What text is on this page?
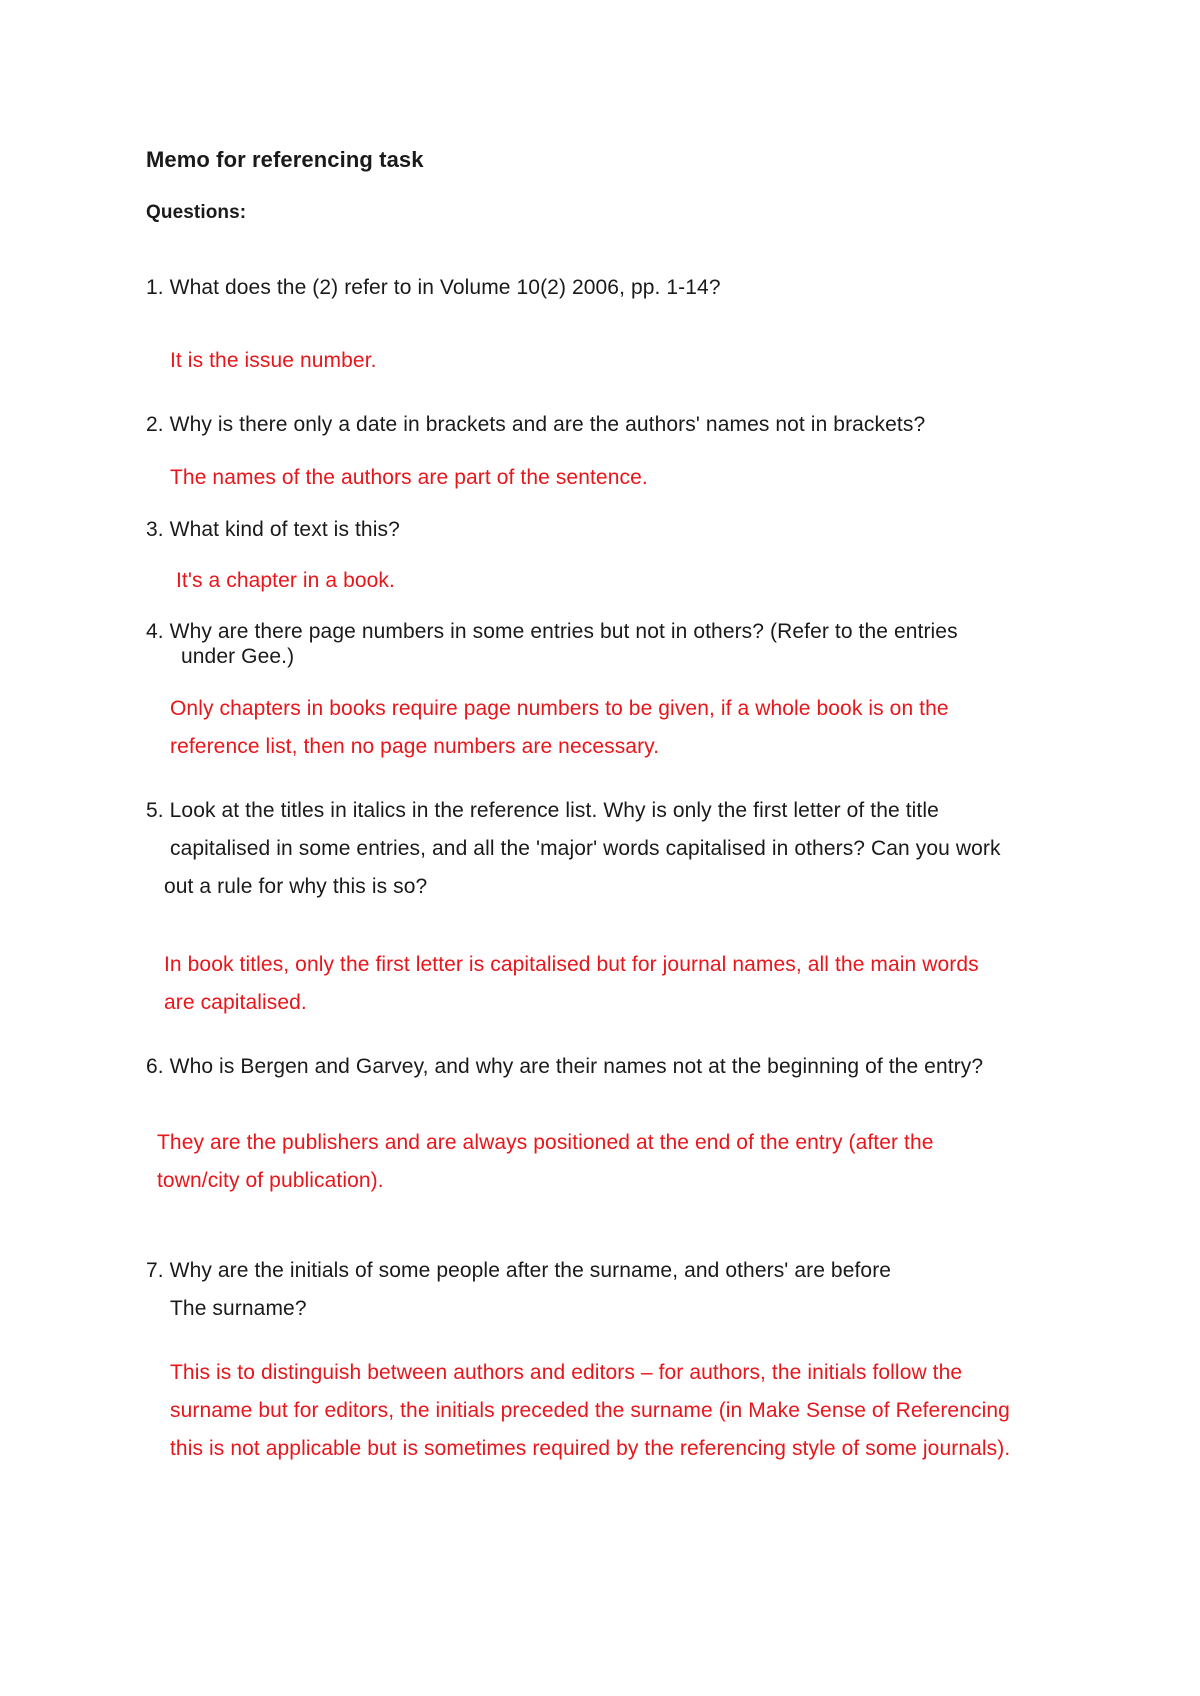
Memo for referencing task
Questions:
1. What does the (2) refer to in Volume 10(2) 2006, pp. 1-14?
It is the issue number.
2. Why is there only a date in brackets and are the authors' names not in brackets?
The names of the authors are part of the sentence.
3. What kind of text is this?
It's a chapter in a book.
4. Why are there page numbers in some entries but not in others? (Refer to the entries
under Gee.)
Only chapters in books require page numbers to be given, if a whole book is on the
reference list, then no page numbers are necessary.
5. Look at the titles in italics in the reference list. Why is only the first letter of the title
capitalised in some entries, and all the 'major' words capitalised in others? Can you work
out a rule for why this is so?
In book titles, only the first letter is capitalised but for journal names, all the main words
are capitalised.
6. Who is Bergen and Garvey, and why are their names not at the beginning of the entry?
They are the publishers and are always positioned at the end of the entry (after the
town/city of publication).
7. Why are the initials of some people after the surname, and others' are before
The surname?
This is to distinguish between authors and editors – for authors, the initials follow the
surname but for editors, the initials preceded the surname (in Make Sense of Referencing
this is not applicable but is sometimes required by the referencing style of some journals).
